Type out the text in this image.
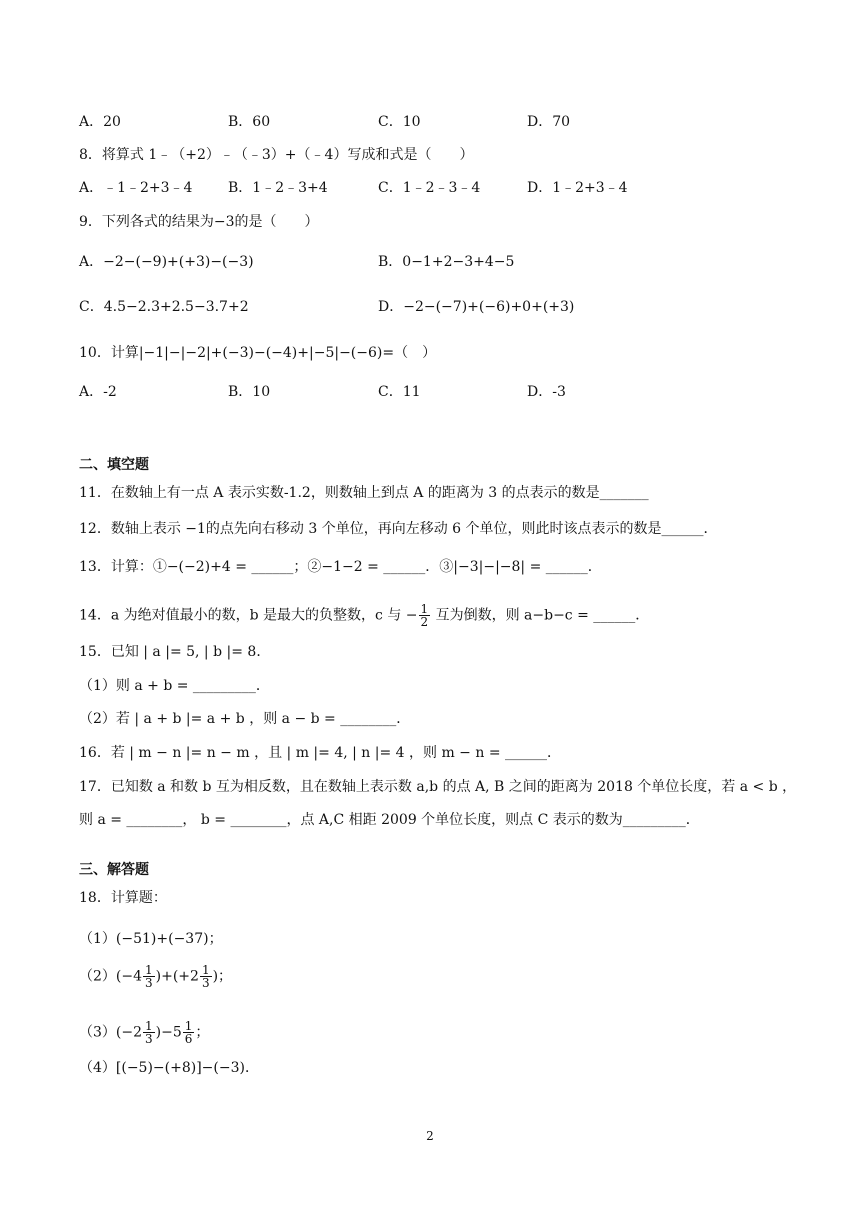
A．20	B．60	C．10	D．70
8．将算式 1﹣（+2）﹣（﹣3）+（﹣4）写成和式是（　　）
A．﹣1﹣2+3﹣4	B．1﹣2﹣3+4	C．1﹣2﹣3﹣4	D．1﹣2+3﹣4
9．下列各式的结果为−3的是（　　）
A．−2−(−9)+(+3)−(−3)	B．0−1+2−3+4−5
C．4.5−2.3+2.5−3.7+2	D．−2−(−7)+(−6)+0+(+3)
10．计算|−1|−|−2|+(−3)−(−4)+|−5|−(−6)=（　）
A．-2	B．10	C．11	D．-3
二、填空题
11．在数轴上有一点 A 表示实数-1.2，则数轴上到点 A 的距离为 3 的点表示的数是_______
12．数轴上表示 −1的点先向右移动 3 个单位，再向左移动 6 个单位，则此时该点表示的数是______．
13．计算：①−(−2)+4 = ______；②−1−2 = ______．③|−3|−|−8| = ______．
14．a 为绝对值最小的数，b 是最大的负整数，c 与 − $\frac{1}{2}$ 互为倒数，则 a−b−c = ______．
15．已知 | a |= 5, | b |= 8．
（1）则 a + b = _________．
（2）若 | a + b |= a + b ，则 a − b = ________．
16．若 | m − n |= n − m ，且 | m |= 4, | n |= 4 ，则 m − n = ______．
17．已知数 a 和数 b 互为相反数，且在数轴上表示数 a,b 的点 A, B 之间的距离为 2018 个单位长度，若 a < b ，
则 a = ________， b = ________，点 A,C 相距 2009 个单位长度，则点 C 表示的数为_________．
三、解答题
18．计算题：
（1）(−51)+(−37)；
$(2)(-4 \frac{1}{3} )+(+2 \frac{1}{3}$ )；
$(3)(-2 \frac{1}{3} )-5 \frac{1}{6}$ ；
（4）[(−5)−(+8)]−(−3)．
2
